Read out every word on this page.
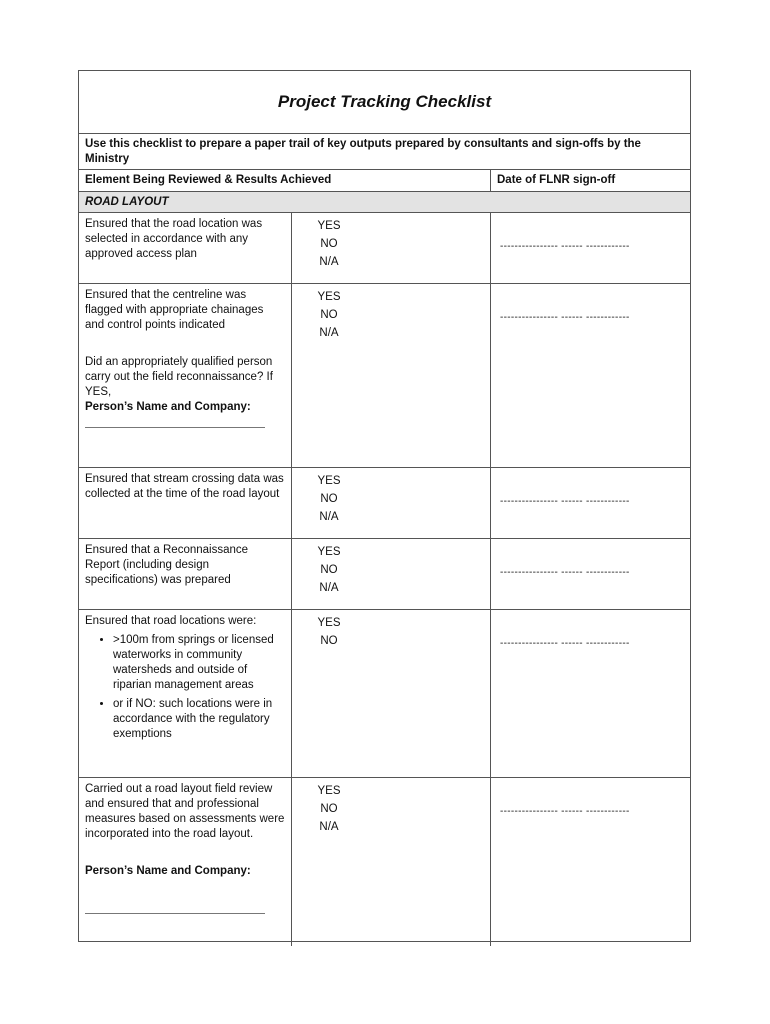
Project Tracking Checklist
Use this checklist to prepare a paper trail of key outputs prepared by consultants and sign-offs by the Ministry
Element Being Reviewed & Results Achieved	Date of FLNR sign-off
ROAD LAYOUT

Ensured that the road location was selected in accordance with any approved access plan

YES
NO
N/A
---------------- ------ ------------

Ensured that the centreline was flagged with appropriate chainages and control points indicated

Did an appropriately qualified person carry out the field reconnaissance? If YES,

Person’s Name and Company:

YES
NO
N/A
---------------- ------ ------------

Ensured that stream crossing data was collected at the time of the road layout

YES
NO
N/A
---------------- ------ ------------

Ensured that a Reconnaissance Report (including design specifications) was prepared

YES
NO
N/A
---------------- ------ ------------

Ensured that road locations were:

• >100m from springs or licensed waterworks in community watersheds and outside of riparian management areas
• or if NO: such locations were in accordance with the regulatory exemptions
YES
NO	---------------- ------ ------------

Carried out a road layout field review and ensured that and professional measures based on assessments were incorporated into the road layout.

Person’s Name and Company:

YES
NO
N/A
---------------- ------ ------------
